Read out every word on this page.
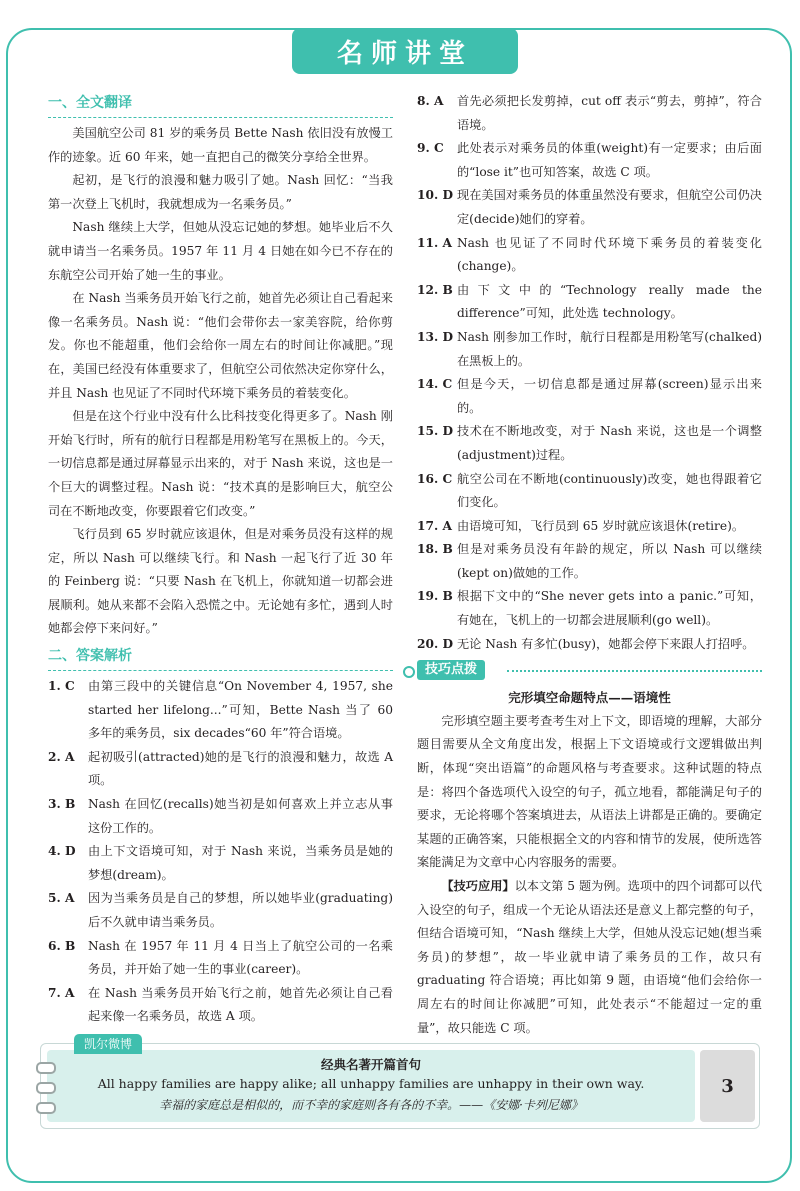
名师讲堂
一、全文翻译

美国航空公司 81 岁的乘务员 Bette Nash 依旧没有放慢工作的迹象。近 60 年来，她一直把自己的微笑分享给全世界。

起初，是飞行的浪漫和魅力吸引了她。Nash 回忆：“当我第一次登上飞机时，我就想成为一名乘务员。”

Nash 继续上大学，但她从没忘记她的梦想。她毕业后不久就申请当一名乘务员。1957 年 11 月 4 日她在如今已不存在的东航空公司开始了她一生的事业。

在 Nash 当乘务员开始飞行之前，她首先必须让自己看起来像一名乘务员。Nash 说：“他们会带你去一家美容院，给你剪发。你也不能超重，他们会给你一周左右的时间让你减肥。”现在，美国已经没有体重要求了，但航空公司依然决定你穿什么，并且 Nash 也见证了不同时代环境下乘务员的着装变化。

但是在这个行业中没有什么比科技变化得更多了。Nash 刚开始飞行时，所有的航行日程都是用粉笔写在黑板上的。今天，一切信息都是通过屏幕显示出来的，对于 Nash 来说，这也是一个巨大的调整过程。Nash 说：“技术真的是影响巨大，航空公司在不断地改变，你要跟着它们改变。”

飞行员到 65 岁时就应该退休，但是对乘务员没有这样的规定，所以 Nash 可以继续飞行。和 Nash 一起飞行了近 30 年的 Feinberg 说：“只要 Nash 在飞机上，你就知道一切都会进展顺利。她从来都不会陷入恐慌之中。无论她有多忙，遇到人时她都会停下来问好。”

二、答案解析
1. C	由第三段中的关键信息“On November 4, 1957, she started her lifelong...”可知，Bette Nash 当了 60 多年的乘务员，six decades“60 年”符合语境。
2. A	起初吸引(attracted)她的是飞行的浪漫和魅力，故选 A 项。
3. B	Nash 在回忆(recalls)她当初是如何喜欢上并立志从事这份工作的。
4. D	由上下文语境可知，对于 Nash 来说，当乘务员是她的梦想(dream)。
5. A	因为当乘务员是自己的梦想，所以她毕业(graduating)后不久就申请当乘务员。
6. B	Nash 在 1957 年 11 月 4 日当上了航空公司的一名乘务员，并开始了她一生的事业(career)。
7. A	在 Nash 当乘务员开始飞行之前，她首先必须让自己看起来像一名乘务员，故选 A 项。
8. A	首先必须把长发剪掉，cut off 表示“剪去，剪掉”，符合语境。
9. C	此处表示对乘务员的体重(weight)有一定要求；由后面的“lose it”也可知答案，故选 C 项。
10. D 现在美国对乘务员的体重虽然没有要求，但航空公司仍决定(decide)她们的穿着。
11. A Nash 也见证了不同时代环境下乘务员的着装变化(change)。
12. B 由下文中的“Technology really made the difference”可知，此处选 technology。
13. D Nash 刚参加工作时，航行日程都是用粉笔写(chalked)在黑板上的。
14. C 但是今天，一切信息都是通过屏幕(screen)显示出来的。
15. D 技术在不断地改变，对于 Nash 来说，这也是一个调整(adjustment)过程。
16. C 航空公司在不断地(continuously)改变，她也得跟着它们变化。
17. A 由语境可知，飞行员到 65 岁时就应该退休(retire)。
18. B 但是对乘务员没有年龄的规定，所以 Nash 可以继续(kept on)做她的工作。
19. B 根据下文中的“She never gets into a panic.”可知，有她在，飞机上的一切都会进展顺利(go well)。
20. D 无论 Nash 有多忙(busy)，她都会停下来跟人打招呼。
技巧点拨
完形填空命题特点——语境性

完形填空题主要考查考生对上下文，即语境的理解，大部分题目需要从全文角度出发，根据上下文语境或行文逻辑做出判断，体现“突出语篇”的命题风格与考查要求。这种试题的特点是：将四个备选项代入设空的句子，孤立地看，都能满足句子的要求，无论将哪个答案填进去，从语法上讲都是正确的。要确定某题的正确答案，只能根据全文的内容和情节的发展，使所选答案能满足为文章中心内容服务的需要。

【技巧应用】以本文第 5 题为例。选项中的四个词都可以代入设空的句子，组成一个无论从语法还是意义上都完整的句子，但结合语境可知，“Nash 继续上大学，但她从没忘记她(想当乘务员)的梦想”，故一毕业就申请了乘务员的工作，故只有 graduating 符合语境；再比如第 9 题，由语境“他们会给你一周左右的时间让你减肥”可知，此处表示“不能超过一定的重量”，故只能选 C 项。

凯尔微博
经典名著开篇首句
All happy families are happy alike; all unhappy families are unhappy in their own way.
幸福的家庭总是相似的，而不幸的家庭则各有各的不幸。——《安娜·卡列尼娜》
3
